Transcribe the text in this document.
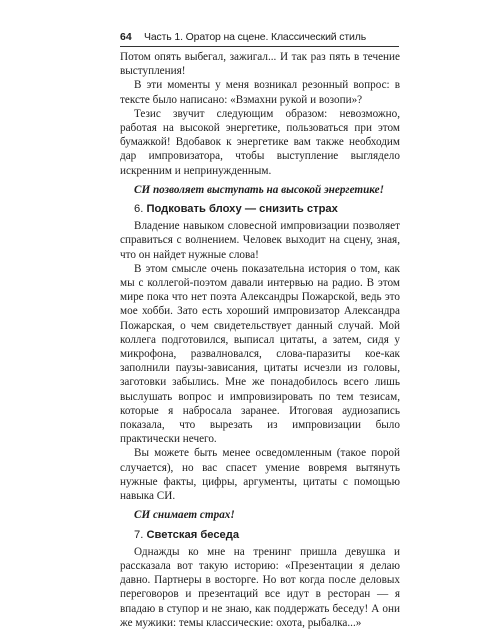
64 Часть 1. Оратор на сцене. Классический стиль

Потом опять выбегал, зажигал... И так раз пять в течение выступления!

В эти моменты у меня возникал резонный вопрос: в тексте было написано: «Взмахни рукой и возопи»?

Тезис звучит следующим образом: невозможно, работая на высокой энергетике, пользоваться при этом бумажкой! Вдобавок к энергетике вам также необходим дар импровизатора, чтобы выступление выглядело искренним и непринужденным.

СИ позволяет выступать на высокой энергетике!

6. Подковать блоху — снизить страх

Владение навыком словесной импровизации позволяет справиться с волнением. Человек выходит на сцену, зная, что он найдет нужные слова!

В этом смысле очень показательна история о том, как мы с коллегой-поэтом давали интервью на радио. В этом мире пока что нет поэта Александры Пожарской, ведь это мое хобби. Зато есть хороший импровизатор Александра Пожарская, о чем свидетельствует данный случай. Мой коллега подготовился, выписал цитаты, а затем, сидя у микрофона, развалновался, слова-паразиты кое-как заполнили паузы-зависания, цитаты исчезли из головы, заготовки забылись. Мне же понадобилось всего лишь выслушать вопрос и импровизировать по тем тезисам, которые я набросала заранее. Итоговая аудиозапись показала, что вырезать из импровизации было практически нечего.

Вы можете быть менее осведомленным (такое порой случается), но вас спасет умение вовремя вытянуть нужные факты, цифры, аргументы, цитаты с помощью навыка СИ.

СИ снимает страх!

7. Светская беседа

Однажды ко мне на тренинг пришла девушка и рассказала вот такую историю: «Презентации я делаю давно. Партнеры в восторге. Но вот когда после деловых переговоров и презентаций все идут в ресторан — я впадаю в ступор и не знаю, как поддержать беседу! А они же мужики: темы классические: охота, рыбалка...»
